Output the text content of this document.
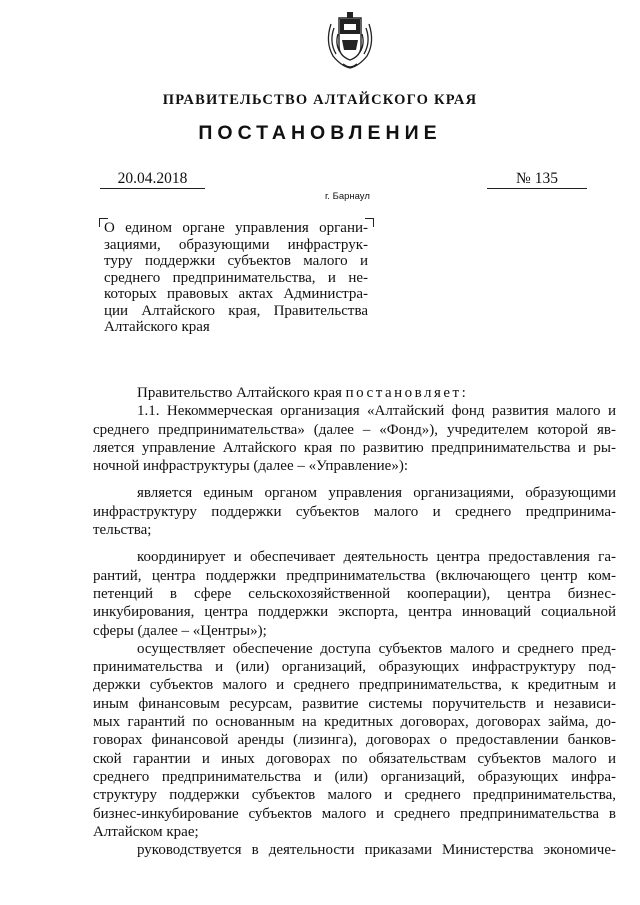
ПРАВИТЕЛЬСТВО АЛТАЙСКОГО КРАЯ
ПОСТАНОВЛЕНИЕ
20.04.2018	№ 135
г. Барнаул
О едином органе управления органи-
зациями, образующими инфраструк-
туру поддержки субъектов малого и
среднего предпринимательства, и не-
которых правовых актах Администра-
ции Алтайского края, Правительства
Алтайского края
Правительство Алтайского края постановляет:
1.1. Некоммерческая организация «Алтайский фонд развития малого и
среднего предпринимательства» (далее – «Фонд»), учредителем которой яв-
ляется управление Алтайского края по развитию предпринимательства и ры-
ночной инфраструктуры (далее – «Управление»):
является единым органом управления организациями, образующими
инфраструктуру поддержки субъектов малого и среднего предпринима-
тельства;
координирует и обеспечивает деятельность центра предоставления га-
рантий, центра поддержки предпринимательства (включающего центр ком-
петенций в сфере сельскохозяйственной кооперации), центра бизнес-
инкубирования, центра поддержки экспорта, центра инноваций социальной
сферы (далее – «Центры»);
осуществляет обеспечение доступа субъектов малого и среднего пред-
принимательства и (или) организаций, образующих инфраструктуру под-
держки субъектов малого и среднего предпринимательства, к кредитным и
иным финансовым ресурсам, развитие системы поручительств и независи-
мых гарантий по основанным на кредитных договорах, договорах займа, до-
говорах финансовой аренды (лизинга), договорах о предоставлении банков-
ской гарантии и иных договорах по обязательствам субъектов малого и
среднего предпринимательства и (или) организаций, образующих инфра-
структуру поддержки субъектов малого и среднего предпринимательства,
бизнес-инкубирование субъектов малого и среднего предпринимательства в
Алтайском крае;
руководствуется в деятельности приказами Министерства экономиче-
